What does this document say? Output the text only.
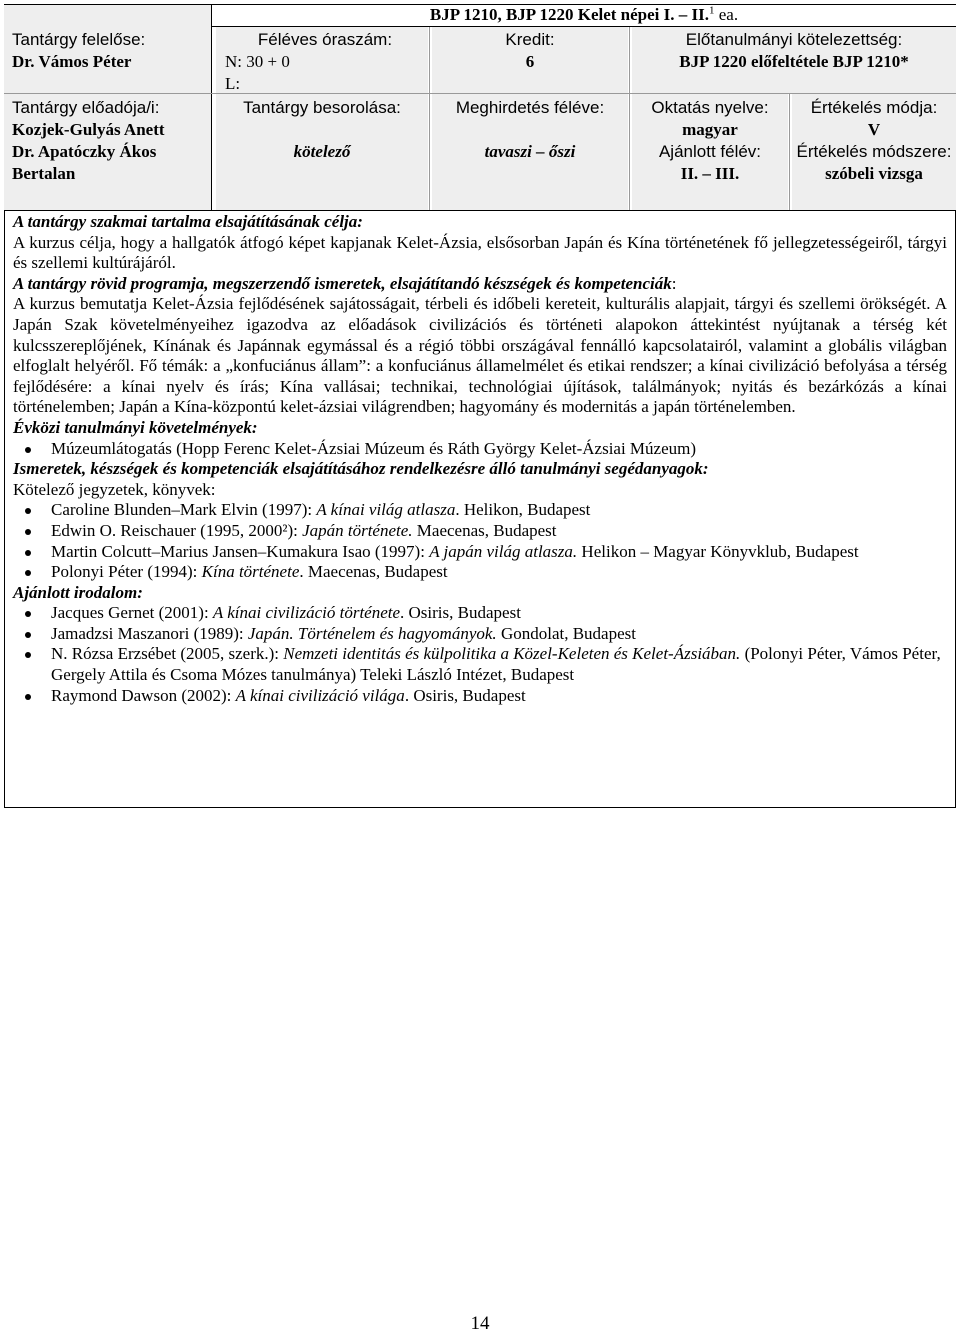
BJP 1210, BJP 1220 Kelet népei I. – II.$^1$ ea.
Tantárgy felelőse:
Dr. Vámos Péter
Féléves óraszám:
N: 30 + 0
L:
Kredit:
6
Előtanulmányi kötelezettség:
BJP 1220 előfeltétele BJP 1210*
Tantárgy előadója/i:
Kozjek-Gulyás Anett
Dr. Apatóczky Ákos
Bertalan
Tantárgy besorolása:
kötelező
Meghirdetés féléve:
tavaszi – őszi
Oktatás nyelve:
magyar
Ajánlott félév:
II. – III.
Értékelés módja:
V
Értékelés módszere:
szóbeli vizsga

A tantárgy szakmai tartalma elsajátításának célja:

A kurzus célja, hogy a hallgatók átfogó képet kapjanak Kelet-Ázsia, elsősorban Japán és Kína történetének fő jellegzetességeiről, tárgyi és szellemi kultúrájáról.

A tantárgy rövid programja, megszerzendő ismeretek, elsajátítandó készségek és kompetenciák:

A kurzus bemutatja Kelet-Ázsia fejlődésének sajátosságait, térbeli és időbeli kereteit, kulturális alapjait, tárgyi és szellemi örökségét. A Japán Szak követelményeihez igazodva az előadások civilizációs és történeti alapokon áttekintést nyújtanak a térség két kulcsszereplőjének, Kínának és Japánnak egymással és a régió többi országával fennálló kapcsolatairól, valamint a globális világban elfoglalt helyéről. Fő témák: a „konfuciánus állam”: a konfuciánus államelmélet és etikai rendszer; a kínai civilizáció befolyása a térség fejlődésére: a kínai nyelv és írás; Kína vallásai; technikai, technológiai újítások, találmányok; nyitás és bezárkózás a kínai történelemben; Japán a Kína-központú kelet-ázsiai világrendben; hagyomány és modernitás a japán történelemben.

Évközi tanulmányi követelmények:

Múzeumlátogatás (Hopp Ferenc Kelet-Ázsiai Múzeum és Ráth György Kelet-Ázsiai Múzeum)

Ismeretek, készségek és kompetenciák elsajátításához rendelkezésre álló tanulmányi segédanyagok:

Kötelező jegyzetek, könyvek:

Caroline Blunden–Mark Elvin (1997): A kínai világ atlasza. Helikon, Budapest
Edwin O. Reischauer (1995, 2000²): Japán története. Maecenas, Budapest
Martin Colcutt–Marius Jansen–Kumakura Isao (1997): A japán világ atlasza. Helikon – Magyar Könyvklub, Budapest
Polonyi Péter (1994): Kína története. Maecenas, Budapest

Ajánlott irodalom:

Jacques Gernet (2001): A kínai civilizáció története. Osiris, Budapest
Jamadzsi Maszanori (1989): Japán. Történelem és hagyományok. Gondolat, Budapest
N. Rózsa Erzsébet (2005, szerk.): Nemzeti identitás és külpolitika a Közel-Keleten és Kelet-Ázsiában. (Polonyi Péter, Vámos Péter, Gergely Attila és Csoma Mózes tanulmánya) Teleki László Intézet, Budapest
Raymond Dawson (2002): A kínai civilizáció világa. Osiris, Budapest
14
